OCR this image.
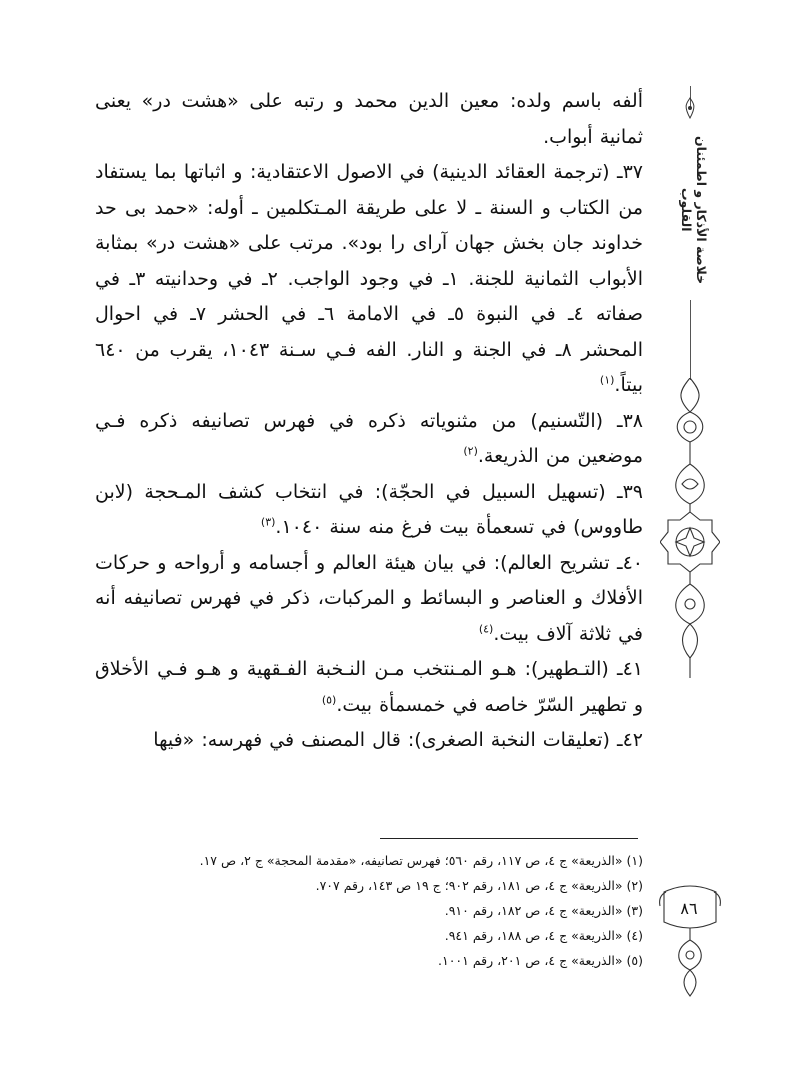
ألفه باسم ولده: معين الدين محمد و رتبه على «هشت در» يعنى ثمانية أبواب.

٣٧ـ (ترجمة العقائد الدينية) في الاصول الاعتقادية: و اثباتها بما يستفاد من الكتاب و السنة ـ لا على طريقة المـتكلمين ـ أوله: «حمد بى حد خداوند جان بخش جهان آراى را بود». مرتب على «هشت در» بمثابة الأبواب الثمانية للجنة. ١ـ في وجود الواجب. ٢ـ في وحدانيته ٣ـ في صفاته ٤ـ في النبوة ٥ـ في الامامة ٦ـ في الحشر ٧ـ في احوال المحشر ٨ـ في الجنة و النار. الفه فـي سـنة ١٠٤٣، يقرب من ٦٤٠ بيتاً.$^{(١)}$

٣٨ـ (التّسنيم) من مثنوياته ذكره في فهرس تصانيفه ذكره فـي موضعين من الذريعة.$^{(٢)}$

٣٩ـ (تسهيل السبيل في الحجّة): في انتخاب كشف المـحجة (لابن طاووس) في تسعمأة بيت فرغ منه سنة ١٠٤٠.$^{(٣)}$

٤٠ـ تشريح العالم): في بيان هيئة العالم و أجسامه و أرواحه و حركات الأفلاك و العناصر و البسائط و المركبات، ذكر في فهرس تصانيفه أنه في ثلاثة آلاف بيت.$^{(٤)}$

٤١ـ (التـطهير): هـو المـنتخب مـن النـخبة الفـقهية و هـو فـي الأخلاق و تطهير السّرّ خاصه في خمسمأة بيت.$^{(٥)}$

٤٢ـ (تعليقات النخبة الصغرى): قال المصنف في فهرسه: «فيها

(١) «الذريعة» ج ٤، ص ١١٧، رقم ٥٦٠؛ فهرس تصانيفه، «مقدمة المحجة» ج ٢، ص ١٧.
(٢) «الذريعة» ج ٤، ص ١٨١، رقم ٩٠٢؛ ج ١٩ ص ١٤٣، رقم ٧٠٧.
(٣) «الذريعة» ج ٤، ص ١٨٢، رقم ٩١٠.
(٤) «الذريعة» ج ٤، ص ١٨٨، رقم ٩٤١.
(٥) «الذريعة» ج ٤، ص ٢٠١، رقم ١٠٠١.
خلاصة الأذكار و اطمئنان القلوب
٨٦
